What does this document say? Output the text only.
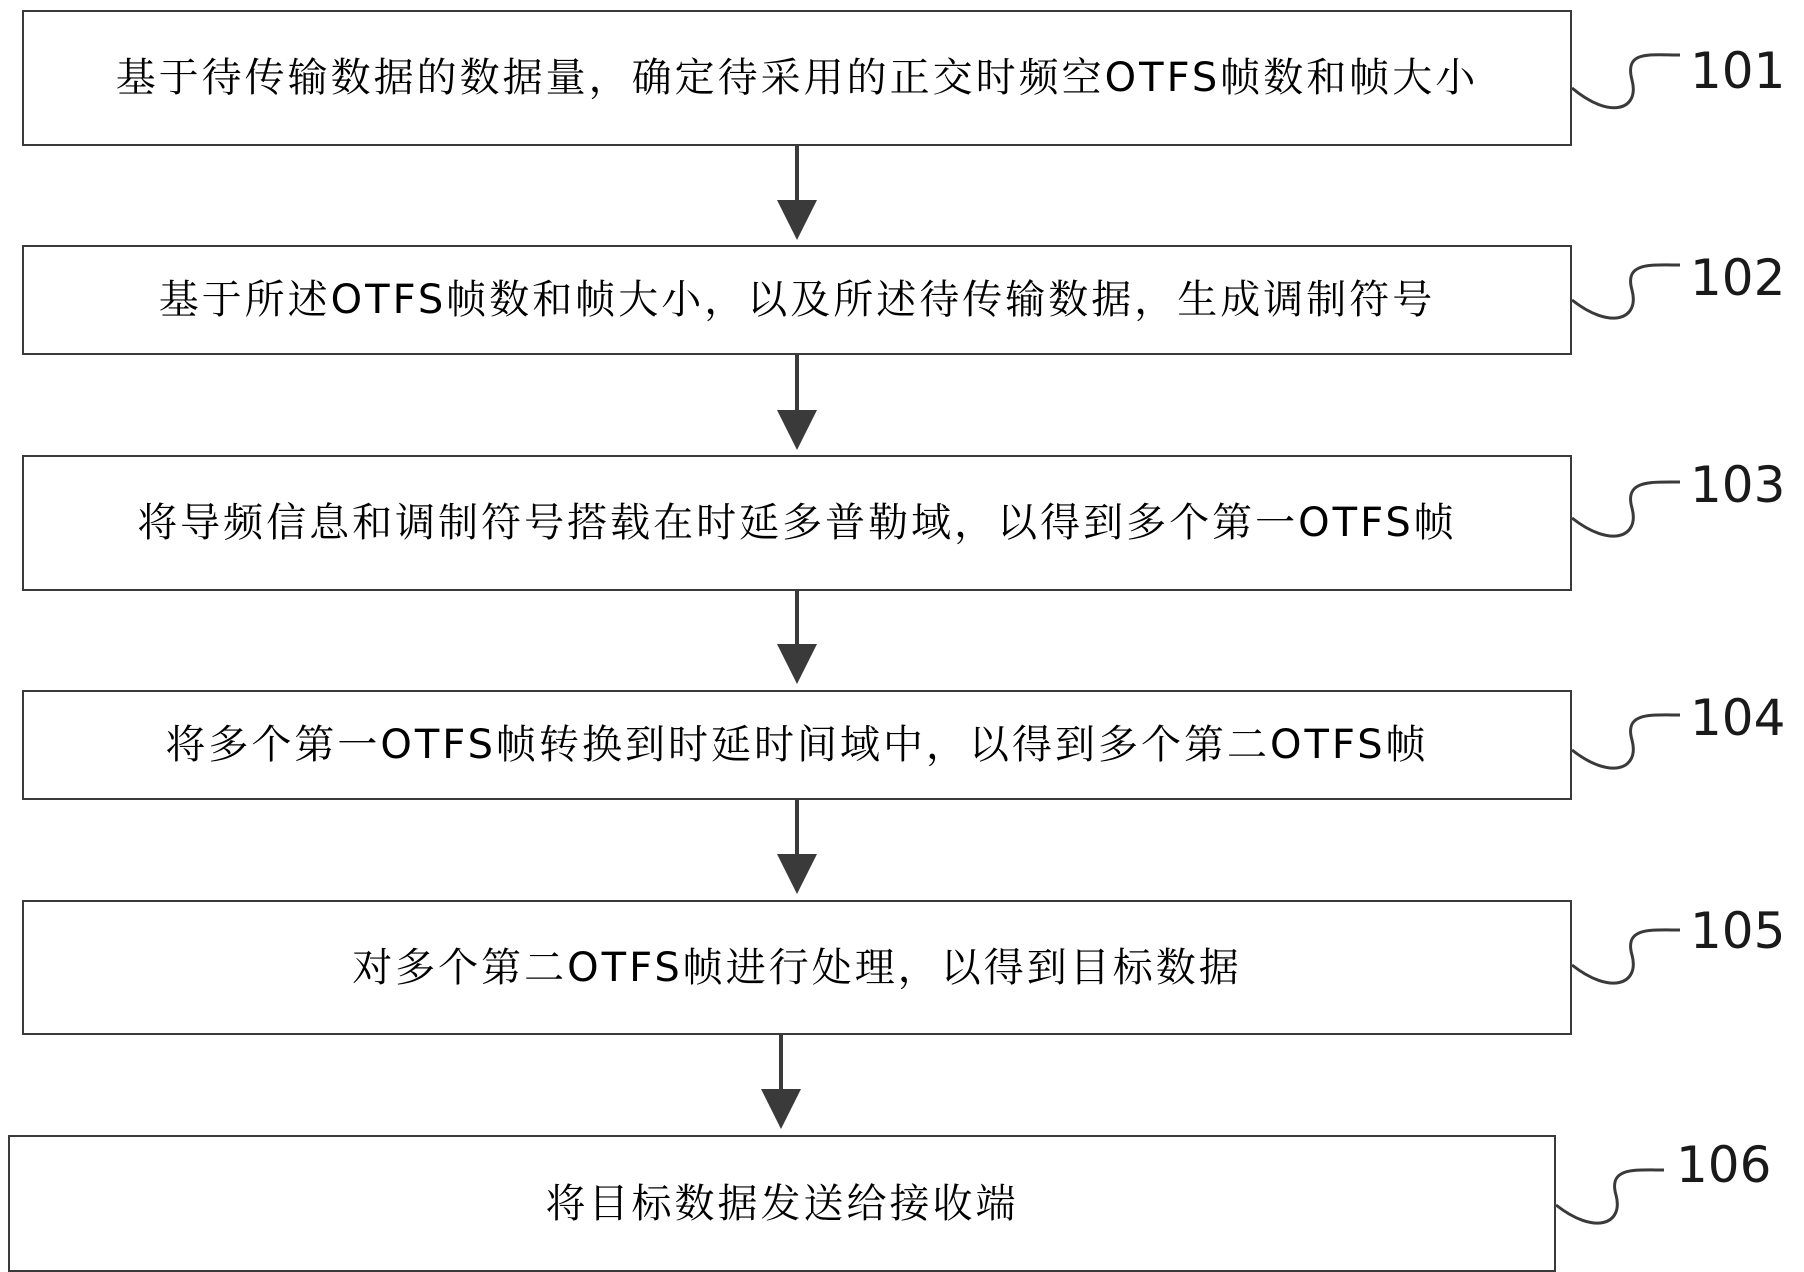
基于待传输数据的数据量，确定待采用的正交时频空OTFS帧数和帧大小
基于所述OTFS帧数和帧大小，以及所述待传输数据，生成调制符号
将导频信息和调制符号搭载在时延多普勒域，以得到多个第一OTFS帧
将多个第一OTFS帧转换到时延时间域中，以得到多个第二OTFS帧
对多个第二OTFS帧进行处理，以得到目标数据
将目标数据发送给接收端
101
102
103
104
105
106
